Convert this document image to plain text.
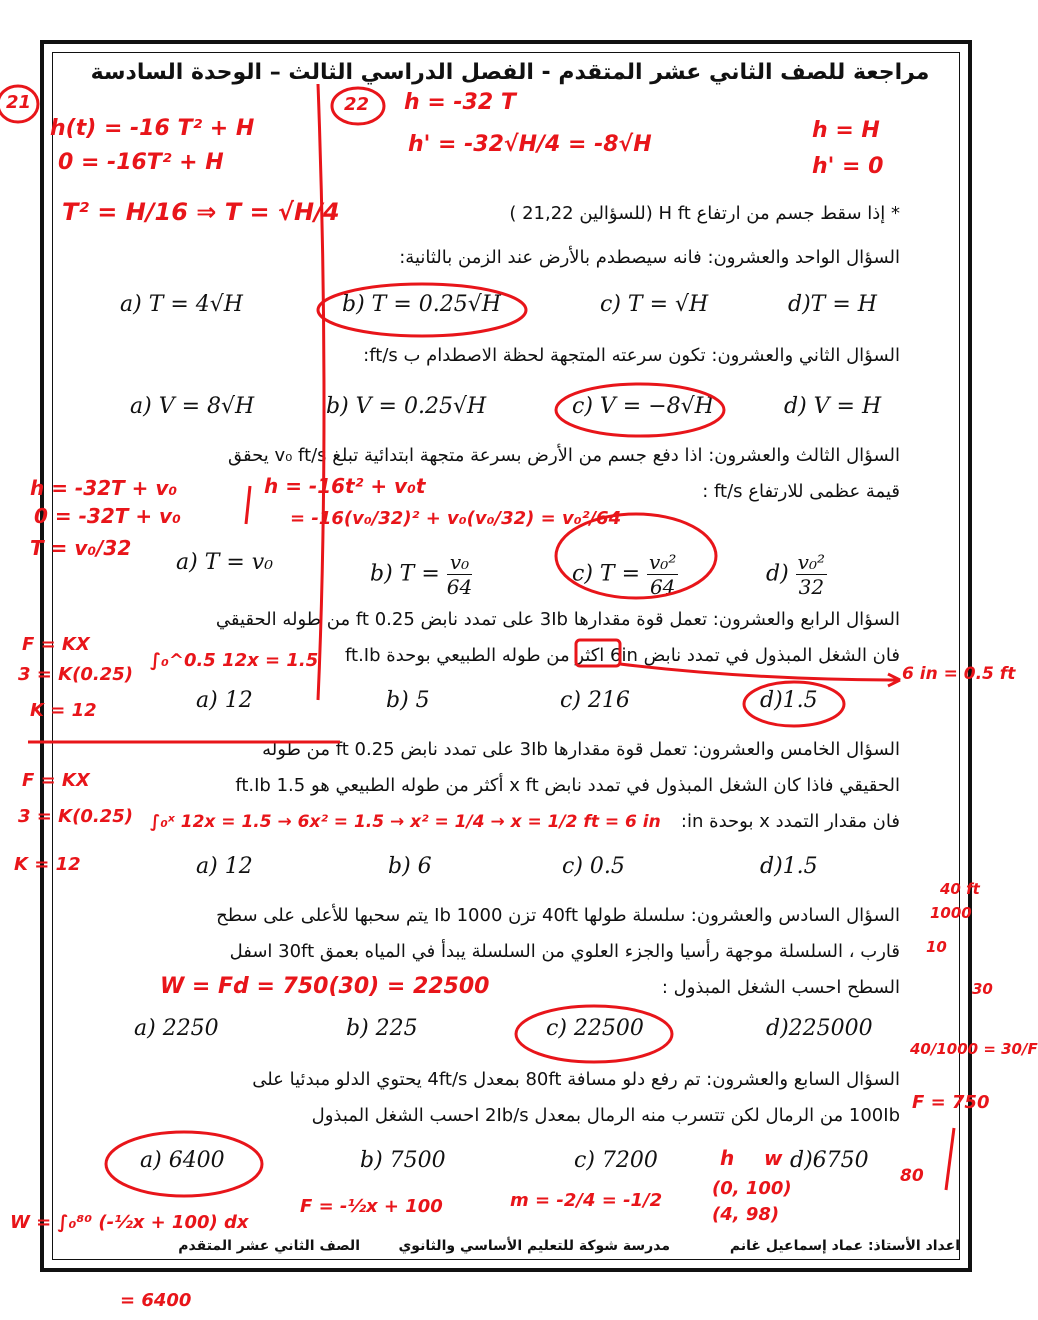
مراجعة للصف الثاني عشر المتقدم - الفصل الدراسي الثالث – الوحدة السادسة
* إذا سقط جسم من ارتفاع H ft (للسؤالين 21,22 )
السؤال الواحد والعشرون: فانه سيصطدم بالأرض عند الزمن بالثانية:
a) T = 4√H	b) T = 0.25√H	c) T = √H	d)T = H
السؤال الثاني والعشرون: تكون سرعته المتجهة لحظة الاصطدام ب ft/s:
a) V = 8√H	b) V = 0.25√H	c) V = −8√H	d) V = H
السؤال الثالث والعشرون: اذا دفع جسم من الأرض بسرعة متجهة ابتدائية تبلغ v₀ ft/s يحقق
قيمة عظمى للارتفاع ft/s :
a) T = v₀	b) $T = \frac{\text{v₀}}{64}$	c) $T = \frac{\text{v₀²}}{64}$	$d) \frac{\text{v₀²}}{32}$
السؤال الرابع والعشرون: تعمل قوة مقدارها 3Ib على تمدد نابض 0.25 ft من طوله الحقيقي
فان الشغل المبذول في تمدد نابض 6in اكثر من طوله الطبيعي بوحدة ft.Ib
a) 12	b) 5	c) 216	d)1.5
السؤال الخامس والعشرون: تعمل قوة مقدارها 3Ib على تمدد نابض 0.25 ft من طوله
الحقيقي فاذا كان الشغل المبذول في تمدد نابض x ft أكثر من طوله الطبيعي هو ft.Ib 1.5
فان مقدار التمدد x بوحدة in:
a) 12	b) 6	c) 0.5	d)1.5
السؤال السادس والعشرون: سلسلة طولها 40ft تزن 1000 Ib يتم سحبها للأعلى على سطح
قارب ، السلسلة موجهة رأسيا والجزء العلوي من السلسلة يبدأ في المياه بعمق 30ft اسفل
السطح احسب الشغل المبذول :
a) 2250	b) 225	c) 22500	d)225000
السؤال السابع والعشرون: تم رفع دلو مسافة 80ft بمعدل 4ft/s يحتوي الدلو مبدئيا على
100Ib من الرمال لكن تتسرب منه الرمال بمعدل 2Ib/s احسب الشغل المبذول
a) 6400	b) 7500	c) 7200	d)6750
اعداد الأستاذ: عماد إسماعيل غانم
مدرسة شوكة للتعليم الأساسي والثانوي
الصف الثاني عشر المتقدم
h(t) = -16 T² + H
0 = -16T² + H
T² = H/16 ⇒ T = √H/4
21	22 h = -32 T
h' = -32√H/4 = -8√H
h = H
h' = 0
h = -32T + v₀
0 = -32T + v₀
T = v₀/32
h = -16t² + v₀t
= -16(v₀/32)² + v₀(v₀/32) = v₀²/64
F = KX
3 = K(0.25)
K = 12
∫₀^0.5 12x = 1.5
6 in = 0.5 ft
F = KX
3 = K(0.25)
K = 12
∫₀ˣ 12x = 1.5 → 6x² = 1.5 → x² = 1/4 → x = 1/2 ft = 6 in
W = Fd = 750(30) = 22500
40 ft
1000
10
30
40/1000 = 30/F
F = 750
h w
(0, 100)
(4, 98)
m = -2/4 = -1/2
F = -½x + 100
80
W = ∫₀⁸⁰ (-½x + 100) dx
= 6400
